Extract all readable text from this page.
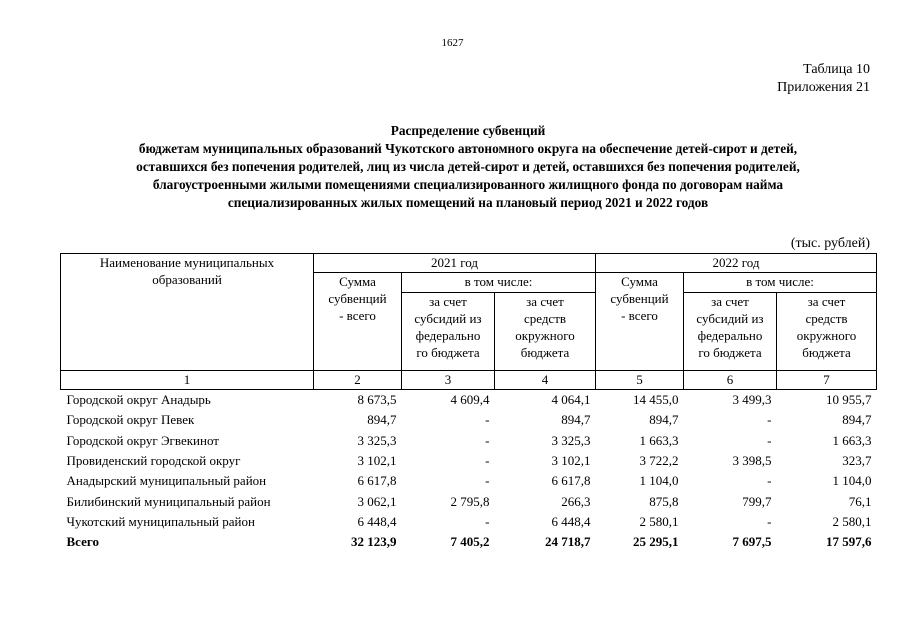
1627
Таблица 10
Приложения 21
Распределение субвенций
бюджетам муниципальных образований Чукотского автономного округа на обеспечение детей-сирот и детей,
оставшихся без попечения родителей, лиц из числа детей-сирот и детей, оставшихся без попечения родителей,
благоустроенными жилыми помещениями специализированного жилищного фонда по договорам найма
специализированных жилых помещений на плановый период 2021 и 2022 годов
(тыс. рублей)
Наименование муниципальных
образований	2021 год			2022 год		

	Сумма
субвенций
- всего	в том числе:		Сумма
субвенций
- всего	в том числе:	

		за счет
субсидий из
федерально
го бюджета	за счет
средств
окружного
бюджета		за счет
субсидий из
федерально
го бюджета	за счет
средств
окружного
бюджета

1	2	3	4	5	6	7
Городской округ Анадырь	8 673,5	4 609,4	4 064,1	14 455,0	3 499,3	10 955,7
Городской округ Певек	894,7	-	894,7	894,7	-	894,7
Городской округ Эгвекинот	3 325,3	-	3 325,3	1 663,3	-	1 663,3
Провиденский городской округ	3 102,1	-	3 102,1	3 722,2	3 398,5	323,7
Анадырский муниципальный район	6 617,8	-	6 617,8	1 104,0	-	1 104,0
Билибинский муниципальный район	3 062,1	2 795,8	266,3	875,8	799,7	76,1
Чукотский муниципальный район	6 448,4	-	6 448,4	2 580,1	-	2 580,1
Всего	32 123,9	7 405,2	24 718,7	25 295,1	7 697,5	17 597,6
